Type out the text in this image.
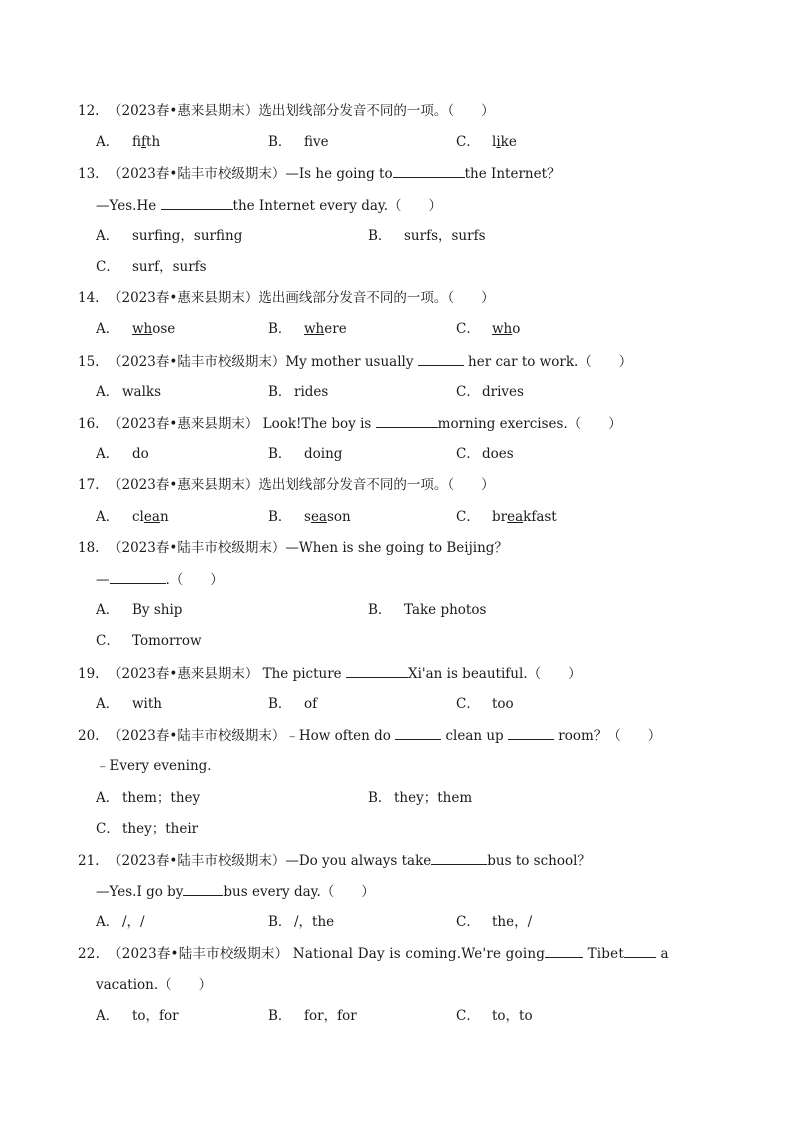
12. （2023春•惠来县期末）选出划线部分发音不同的一项。（　　）
A． fifth	B． fve	C． like
13. （2023春•陆丰市校级期末）—Is he going to	the Internet？
—Yes.He	the Internet every day.（　　）
A． surfing，surfing	B． surfs，surfs
C． surf，surfs
14. （2023春•惠来县期末）选出画线部分发音不同的一项。（　　）
A． whose	B． where	C． who
15. （2023春•陆丰市校级期末）My mother usually	her car to work.（　　）
A． walks	B． rides	C． drives
16. （2023春•惠来县期末） Look!The boy is	morning exercises.（　　）
A． do	B． doing	C． does
17. （2023春•惠来县期末）选出划线部分发音不同的一项。（　　）
A． clean	B． season	C． breakfast
18. （2023春•陆丰市校级期末）—When is she going to Beijing？
—	.（　　）
A． By ship	B． Take photos
C． Tomorrow
19. （2023春•惠来县期末） The picture	Xi'an is beautiful.（　　）
A． with	B． of	C． too
20. （2023春•陆丰市校级期末）﹣How often do	clean up	room？（　　）
﹣Every evening.
A． them；they	B． they；them
C． they；their
21. （2023春•陆丰市校级期末）—Do you always take	bus to school？
—Yes.I go by	bus every day.（　　）
A． /，/	B． /，the	C． the，/
22. （2023春•陆丰市校级期末） National Day is coming.We're going	Tibet a
vacation.（　　）
A． to，for	B． for，for	C． to，to
